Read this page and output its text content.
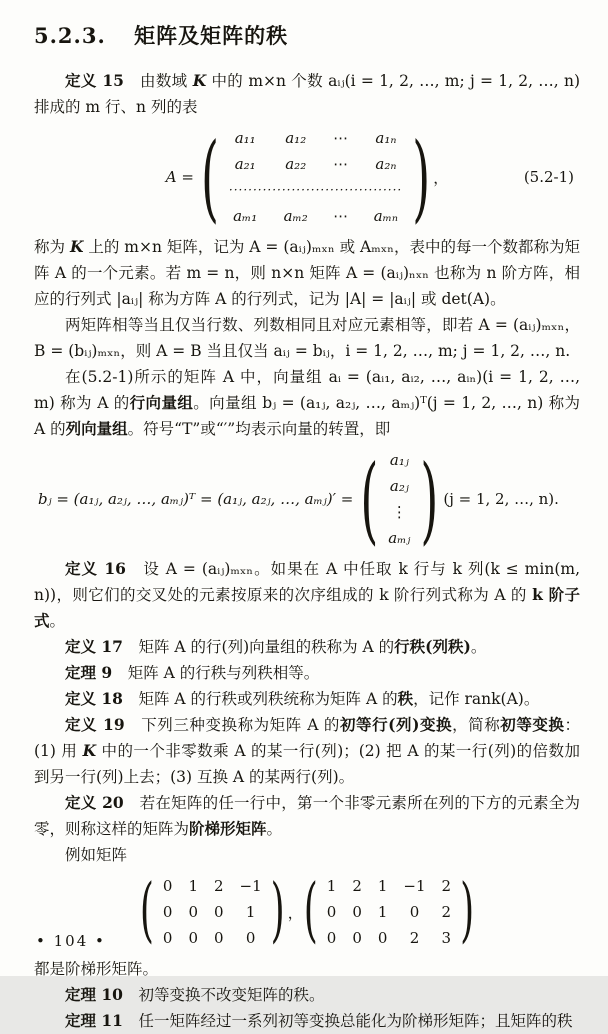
5.2.3. 矩阵及矩阵的秩

定义 15　由数域 K 中的 m×n 个数 aᵢⱼ(i = 1, 2, …, m; j = 1, 2, …, n) 排成的 m 行、n 列的表

A = ( a₁₁	a₁₂	⋯	a₁ₙ
a₂₁	a₂₂	⋯	a₂ₙ
····································			
aₘ₁	aₘ₂	⋯	aₘₙ ) ，	(5.2-1)

称为 K 上的 m×n 矩阵，记为 A = (aᵢⱼ)ₘₓₙ 或 Aₘₓₙ，表中的每一个数都称为矩阵 A 的一个元素。若 m = n，则 n×n 矩阵 A = (aᵢⱼ)ₙₓₙ 也称为 n 阶方阵，相应的行列式 |aᵢⱼ| 称为方阵 A 的行列式，记为 |A| = |aᵢⱼ| 或 det(A)。

两矩阵相等当且仅当行数、列数相同且对应元素相等，即若 A = (aᵢⱼ)ₘₓₙ，B = (bᵢⱼ)ₘₓₙ，则 A = B 当且仅当 aᵢⱼ = bᵢⱼ，i = 1, 2, …, m; j = 1, 2, …, n.

在(5.2-1)所示的矩阵 A 中，向量组 aᵢ = (aᵢ₁, aᵢ₂, …, aᵢₙ)(i = 1, 2, …, m) 称为 A 的行向量组。向量组 bⱼ = (a₁ⱼ, a₂ⱼ, …, aₘⱼ)ᵀ(j = 1, 2, …, n) 称为 A 的列向量组。符号“T”或“′”均表示向量的转置，即

bⱼ = (a₁ⱼ, a₂ⱼ, …, aₘⱼ)ᵀ = (a₁ⱼ, a₂ⱼ, …, aₘⱼ)′ = ( a₁ⱼ
a₂ⱼ
⋮
aₘⱼ ) (j = 1, 2, …, n).

定义 16　设 A = (aᵢⱼ)ₘₓₙ。如果在 A 中任取 k 行与 k 列(k ≤ min(m, n))，则它们的交叉处的元素按原来的次序组成的 k 阶行列式称为 A 的 k 阶子式。

定义 17　矩阵 A 的行(列)向量组的秩称为 A 的行秩(列秩)。

定理 9　矩阵 A 的行秩与列秩相等。

定义 18　矩阵 A 的行秩或列秩统称为矩阵 A 的秩，记作 rank(A)。

定义 19　下列三种变换称为矩阵 A 的初等行(列)变换，简称初等变换：(1) 用 K 中的一个非零数乘 A 的某一行(列)；(2) 把 A 的某一行(列)的倍数加到另一行(列)上去；(3) 互换 A 的某两行(列)。

定义 20　若在矩阵的任一行中，第一个非零元素所在列的下方的元素全为零，则称这样的矩阵为阶梯形矩阵。

例如矩阵

( 0	1	2	−1
0	0	0	1
0	0	0	0 ) ， ( 1	2	1	−1	2
0	0	1	0	2
0	0	0	2	3 )

都是阶梯形矩阵。

定理 10　初等变换不改变矩阵的秩。

定理 11　任一矩阵经过一系列初等变换总能化为阶梯形矩阵；且矩阵的秩

• 104 •
